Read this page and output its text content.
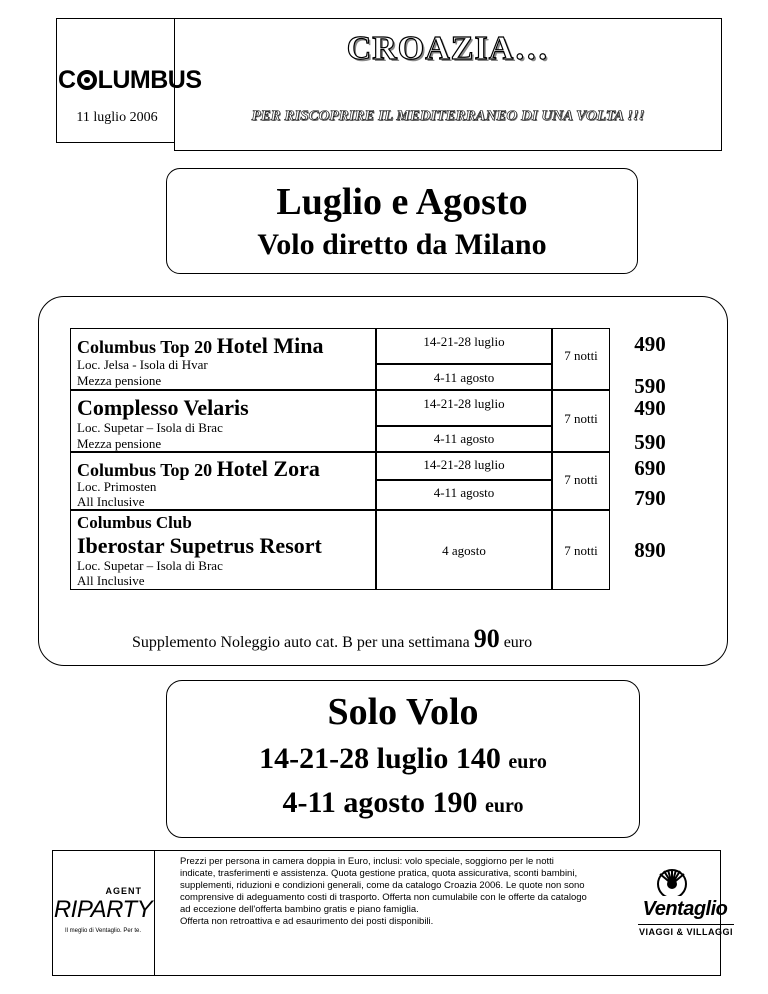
C LUMBUS
11 luglio 2006
CROAZIA…
PER RISCOPRIRE IL MEDITERRANEO DI UNA VOLTA !!!
Luglio e Agosto
Volo diretto da Milano
Columbus Top 20 Hotel Mina
Loc. Jelsa - Isola di Hvar
Mezza pensione
14-21-28 luglio
4-11 agosto
7 notti
Complesso Velaris
Loc. Supetar – Isola di Brac
Mezza pensione
14-21-28 luglio
4-11 agosto
7 notti
Columbus Top 20 Hotel Zora
Loc. Primosten
All Inclusive
14-21-28 luglio
4-11 agosto
7 notti
Columbus Club
Iberostar Supetrus Resort
Loc. Supetar – Isola di Brac
All Inclusive
4 agosto	7 notti
490
590
490
590
690
790
890
Supplemento Noleggio auto cat. B per una settimana 90 euro
Solo Volo
14-21-28 luglio 140 euro
4-11 agosto 190 euro
AGENT
RIPARTY
Il meglio di Ventaglio. Per te.
Prezzi per persona in camera doppia in Euro, inclusi: volo speciale, soggiorno per le notti indicate, trasferimenti e assistenza. Quota gestione pratica, quota assicurativa, sconti bambini, supplementi, riduzioni e condizioni generali, come da catalogo Croazia 2006. Le quote non sono comprensive di adeguamento costi di trasporto. Offerta non cumulabile con le offerte da catalogo ad eccezione dell'offerta bambino gratis e piano famiglia.
Offerta non retroattiva e ad esaurimento dei posti disponibili.
Ventaglio
VIAGGI & VILLAGGI
